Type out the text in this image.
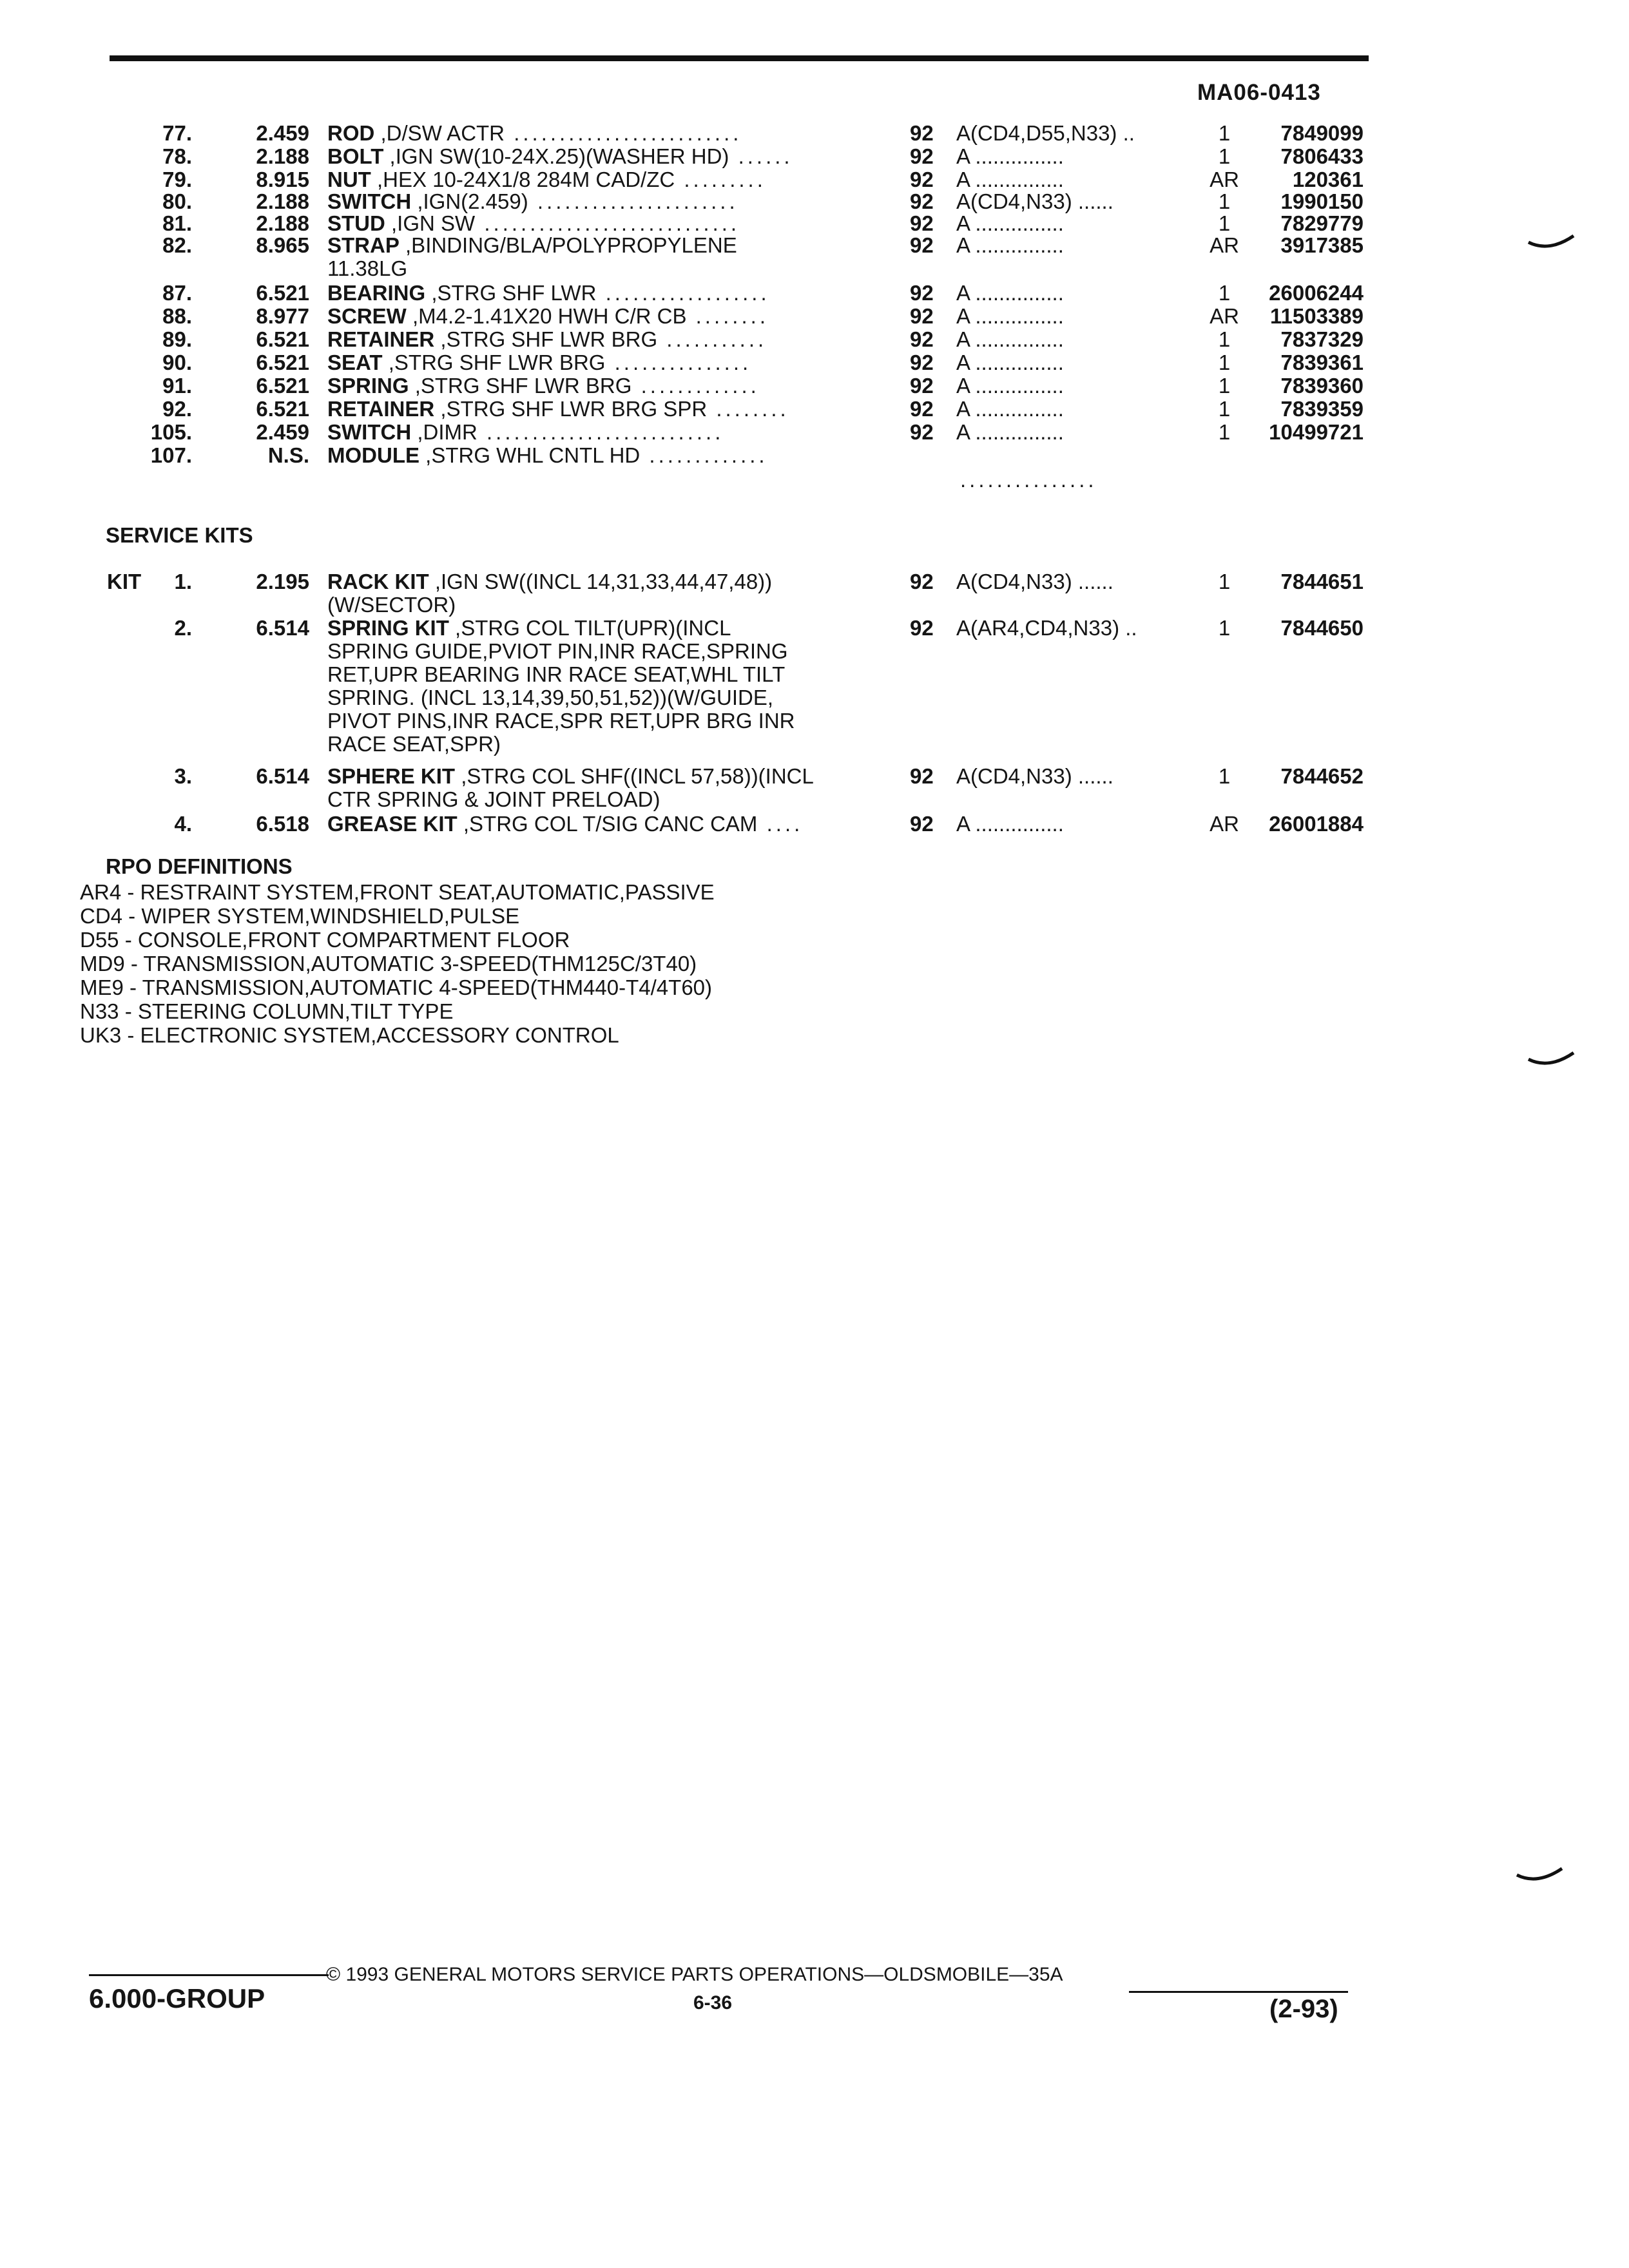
MA06-0413
77.	2.459 ROD ,D/SW ACTR .........................	92 A(CD4,D55,N33) ..	1	7849099
78.	2.188 BOLT ,IGN SW(10-24X.25)(WASHER HD) ......	92 A ...............	1	7806433
79.	8.915 NUT ,HEX 10-24X1/8 284M CAD/ZC .........	92 A ...............	AR	120361
80.	2.188 SWITCH ,IGN(2.459) ......................	92 A(CD4,N33) ......	1	1990150
81.	2.188 STUD ,IGN SW ............................	92 A ...............	1	7829779
82.	8.965 STRAP ,BINDING/BLA/POLYPROPYLENE	92 A ...............	AR	3917385
11.38LG
87.	6.521 BEARING ,STRG SHF LWR ..................	92 A ...............	1	26006244
88.	8.977 SCREW ,M4.2-1.41X20 HWH C/R CB ........	92 A ...............	AR	11503389
89.	6.521 RETAINER ,STRG SHF LWR BRG ...........	92 A ...............	1	7837329
90.	6.521 SEAT ,STRG SHF LWR BRG ...............	92 A ...............	1	7839361
91.	6.521 SPRING ,STRG SHF LWR BRG .............	92 A ...............	1	7839360
92.	6.521 RETAINER ,STRG SHF LWR BRG SPR ........	92 A ...............	1	7839359
105.	2.459 SWITCH ,DIMR ..........................	92 A ...............	1	10499721
107.	N.S. MODULE ,STRG WHL CNTL HD .............
...............
SERVICE KITS
KIT 1.	2.195 RACK KIT ,IGN SW((INCL 14,31,33,44,47,48))	92 A(CD4,N33) ......	1	7844651
(W/SECTOR)
2.	6.514 SPRING KIT ,STRG COL TILT(UPR)(INCL	92 A(AR4,CD4,N33) ..	1	7844650
SPRING GUIDE,PVIOT PIN,INR RACE,SPRING
RET,UPR BEARING INR RACE SEAT,WHL TILT
SPRING. (INCL 13,14,39,50,51,52))(W/GUIDE,
PIVOT PINS,INR RACE,SPR RET,UPR BRG INR
RACE SEAT,SPR)
3.	6.514 SPHERE KIT ,STRG COL SHF((INCL 57,58))(INCL	92 A(CD4,N33) ......	1	7844652
CTR SPRING & JOINT PRELOAD)
4.	6.518 GREASE KIT ,STRG COL T/SIG CANC CAM ....	92 A ...............	AR	26001884
RPO DEFINITIONS
AR4 - RESTRAINT SYSTEM,FRONT SEAT,AUTOMATIC,PASSIVE
CD4 - WIPER SYSTEM,WINDSHIELD,PULSE
D55 - CONSOLE,FRONT COMPARTMENT FLOOR
MD9 - TRANSMISSION,AUTOMATIC 3-SPEED(THM125C/3T40)
ME9 - TRANSMISSION,AUTOMATIC 4-SPEED(THM440-T4/4T60)
N33 - STEERING COLUMN,TILT TYPE
UK3 - ELECTRONIC SYSTEM,ACCESSORY CONTROL
© 1993 GENERAL MOTORS SERVICE PARTS OPERATIONS—OLDSMOBILE—35A
6.000-GROUP	6-36	(2-93)
